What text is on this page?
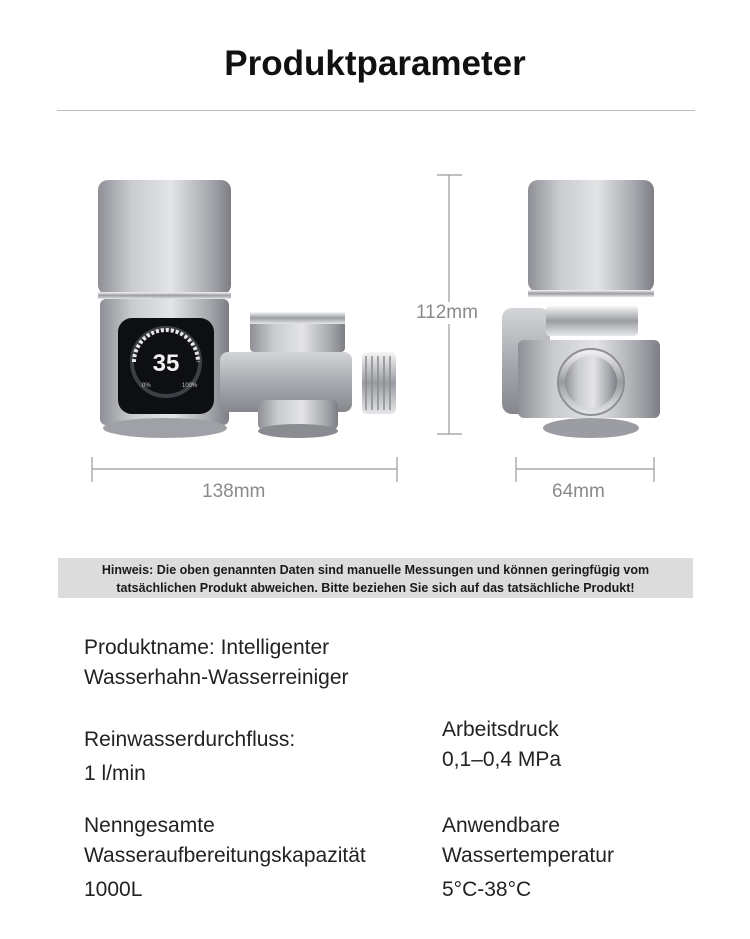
Produktparameter
35
0%	100%
112mm
138mm	64mm
Hinweis: Die oben genannten Daten sind manuelle Messungen und können geringfügig vom
tatsächlichen Produkt abweichen. Bitte beziehen Sie sich auf das tatsächliche Produkt!
Produktname: Intelligenter
Wasserhahn-Wasserreiniger
Reinwasserdurchfluss:
1 l/min
Arbeitsdruck
0,1–0,4 MPa
Nenngesamte
Wasseraufbereitungskapazität
1000L
Anwendbare
Wassertemperatur
5°C-38°C
